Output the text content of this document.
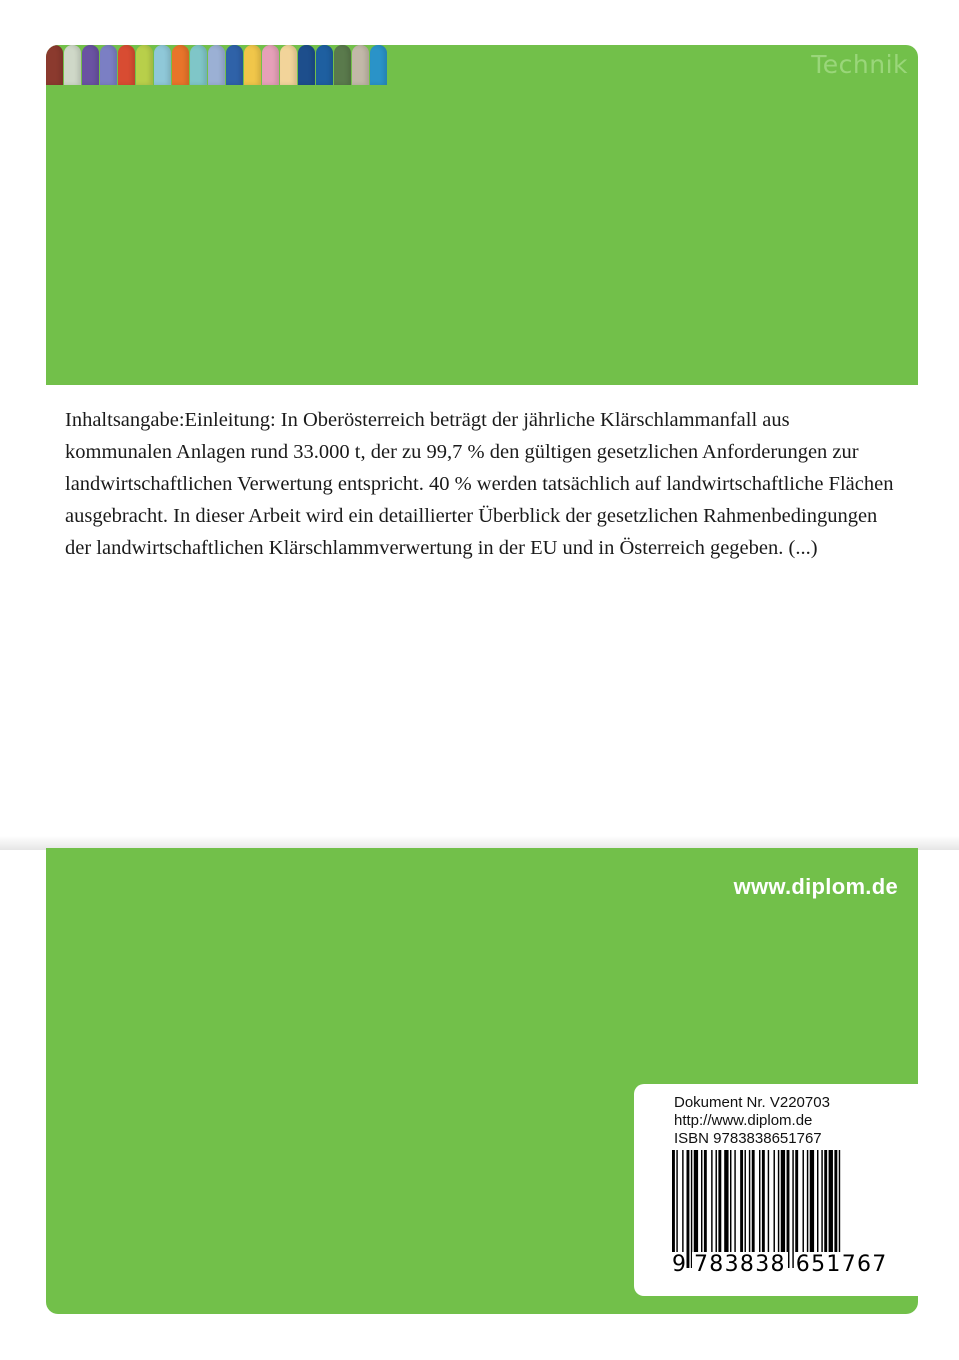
Technik

Inhaltsangabe:Einleitung: In Oberösterreich beträgt der jährliche Klärschlammanfall aus kommunalen Anlagen rund 33.000 t, der zu 99,7 % den gültigen gesetzlichen Anforderungen zur landwirtschaftlichen Verwertung entspricht. 40 % werden tatsächlich auf landwirtschaftliche Flächen ausgebracht. In dieser Arbeit wird ein detaillierter Überblick der gesetzlichen Rahmenbedingungen der landwirtschaftlichen Klärschlammverwertung in der EU und in Österreich gegeben. (...)

www.diplom.de
Dokument Nr. V220703
http://www.diplom.de
ISBN 9783838651767
9 783838 651767
